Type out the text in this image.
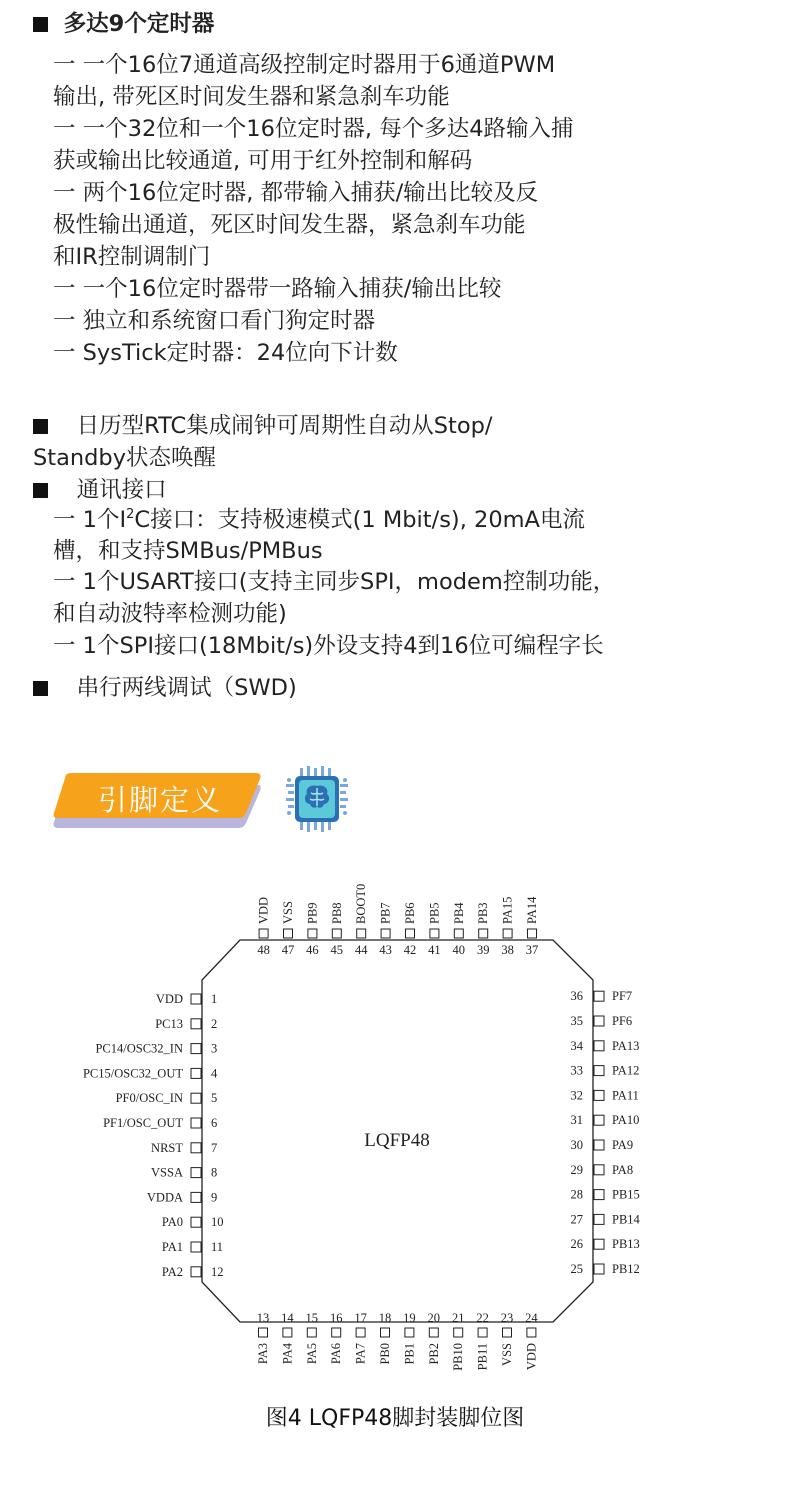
多达9个定时器
一 一个16位7通道高级控制定时器用于6通道PWM
输出, 带死区时间发生器和紧急刹车功能
一 一个32位和一个16位定时器, 每个多达4路输入捕
获或输出比较通道, 可用于红外控制和解码
一 两个16位定时器, 都带输入捕获/输出比较及反
极性输出通道，死区时间发生器，紧急刹车功能
和IR控制调制门
一 一个16位定时器带一路输入捕获/输出比较
一 独立和系统窗口看门狗定时器
一 SysTick定时器：24位向下计数
日历型RTC集成闹钟可周期性自动从Stop/
Standby状态唤醒
通讯接口
一 1个$I^2C$接口：支持极速模式(1 Mbit/s), 20mA电流
槽，和支持SMBus/PMBus
一 1个USART接口(支持主同步SPI，modem控制功能，
和自动波特率检测功能)
一 1个SPI接口(18Mbit/s)外设支持4到16位可编程字长
串行两线调试（SWD)
引脚定义
LQFP48
VDD 1
PC13 2
PC14/OSC32_IN 3
PC15/OSC32_OUT 4
PF0/OSC_IN 5
PF1/OSC_OUT 6
NRST 7
VSSA 8
VDDA 9
PA0 10
PA1 11
PA2 12	25 PB12
26 PB13
27 PB14
28 PB15
29 PA8
30 PA9
31 PA10
32 PA11
33 PA12
34 PA13
35 PF6
36 PF7
13
PA3
14
PA4
15
PA5
16
PA6
17
PA7
18
PB0
19
PB1
20
PB2
21
PB10
22
PB11
23
VSS
24
VDD
37
PA14
38
PA15
39
PB3
40
PB4
41
PB5
42
PB6
43
PB7
44
BOOT0
45
PB8
46
PB9
47
VSS
48
VDD
图4 LQFP48脚封装脚位图
